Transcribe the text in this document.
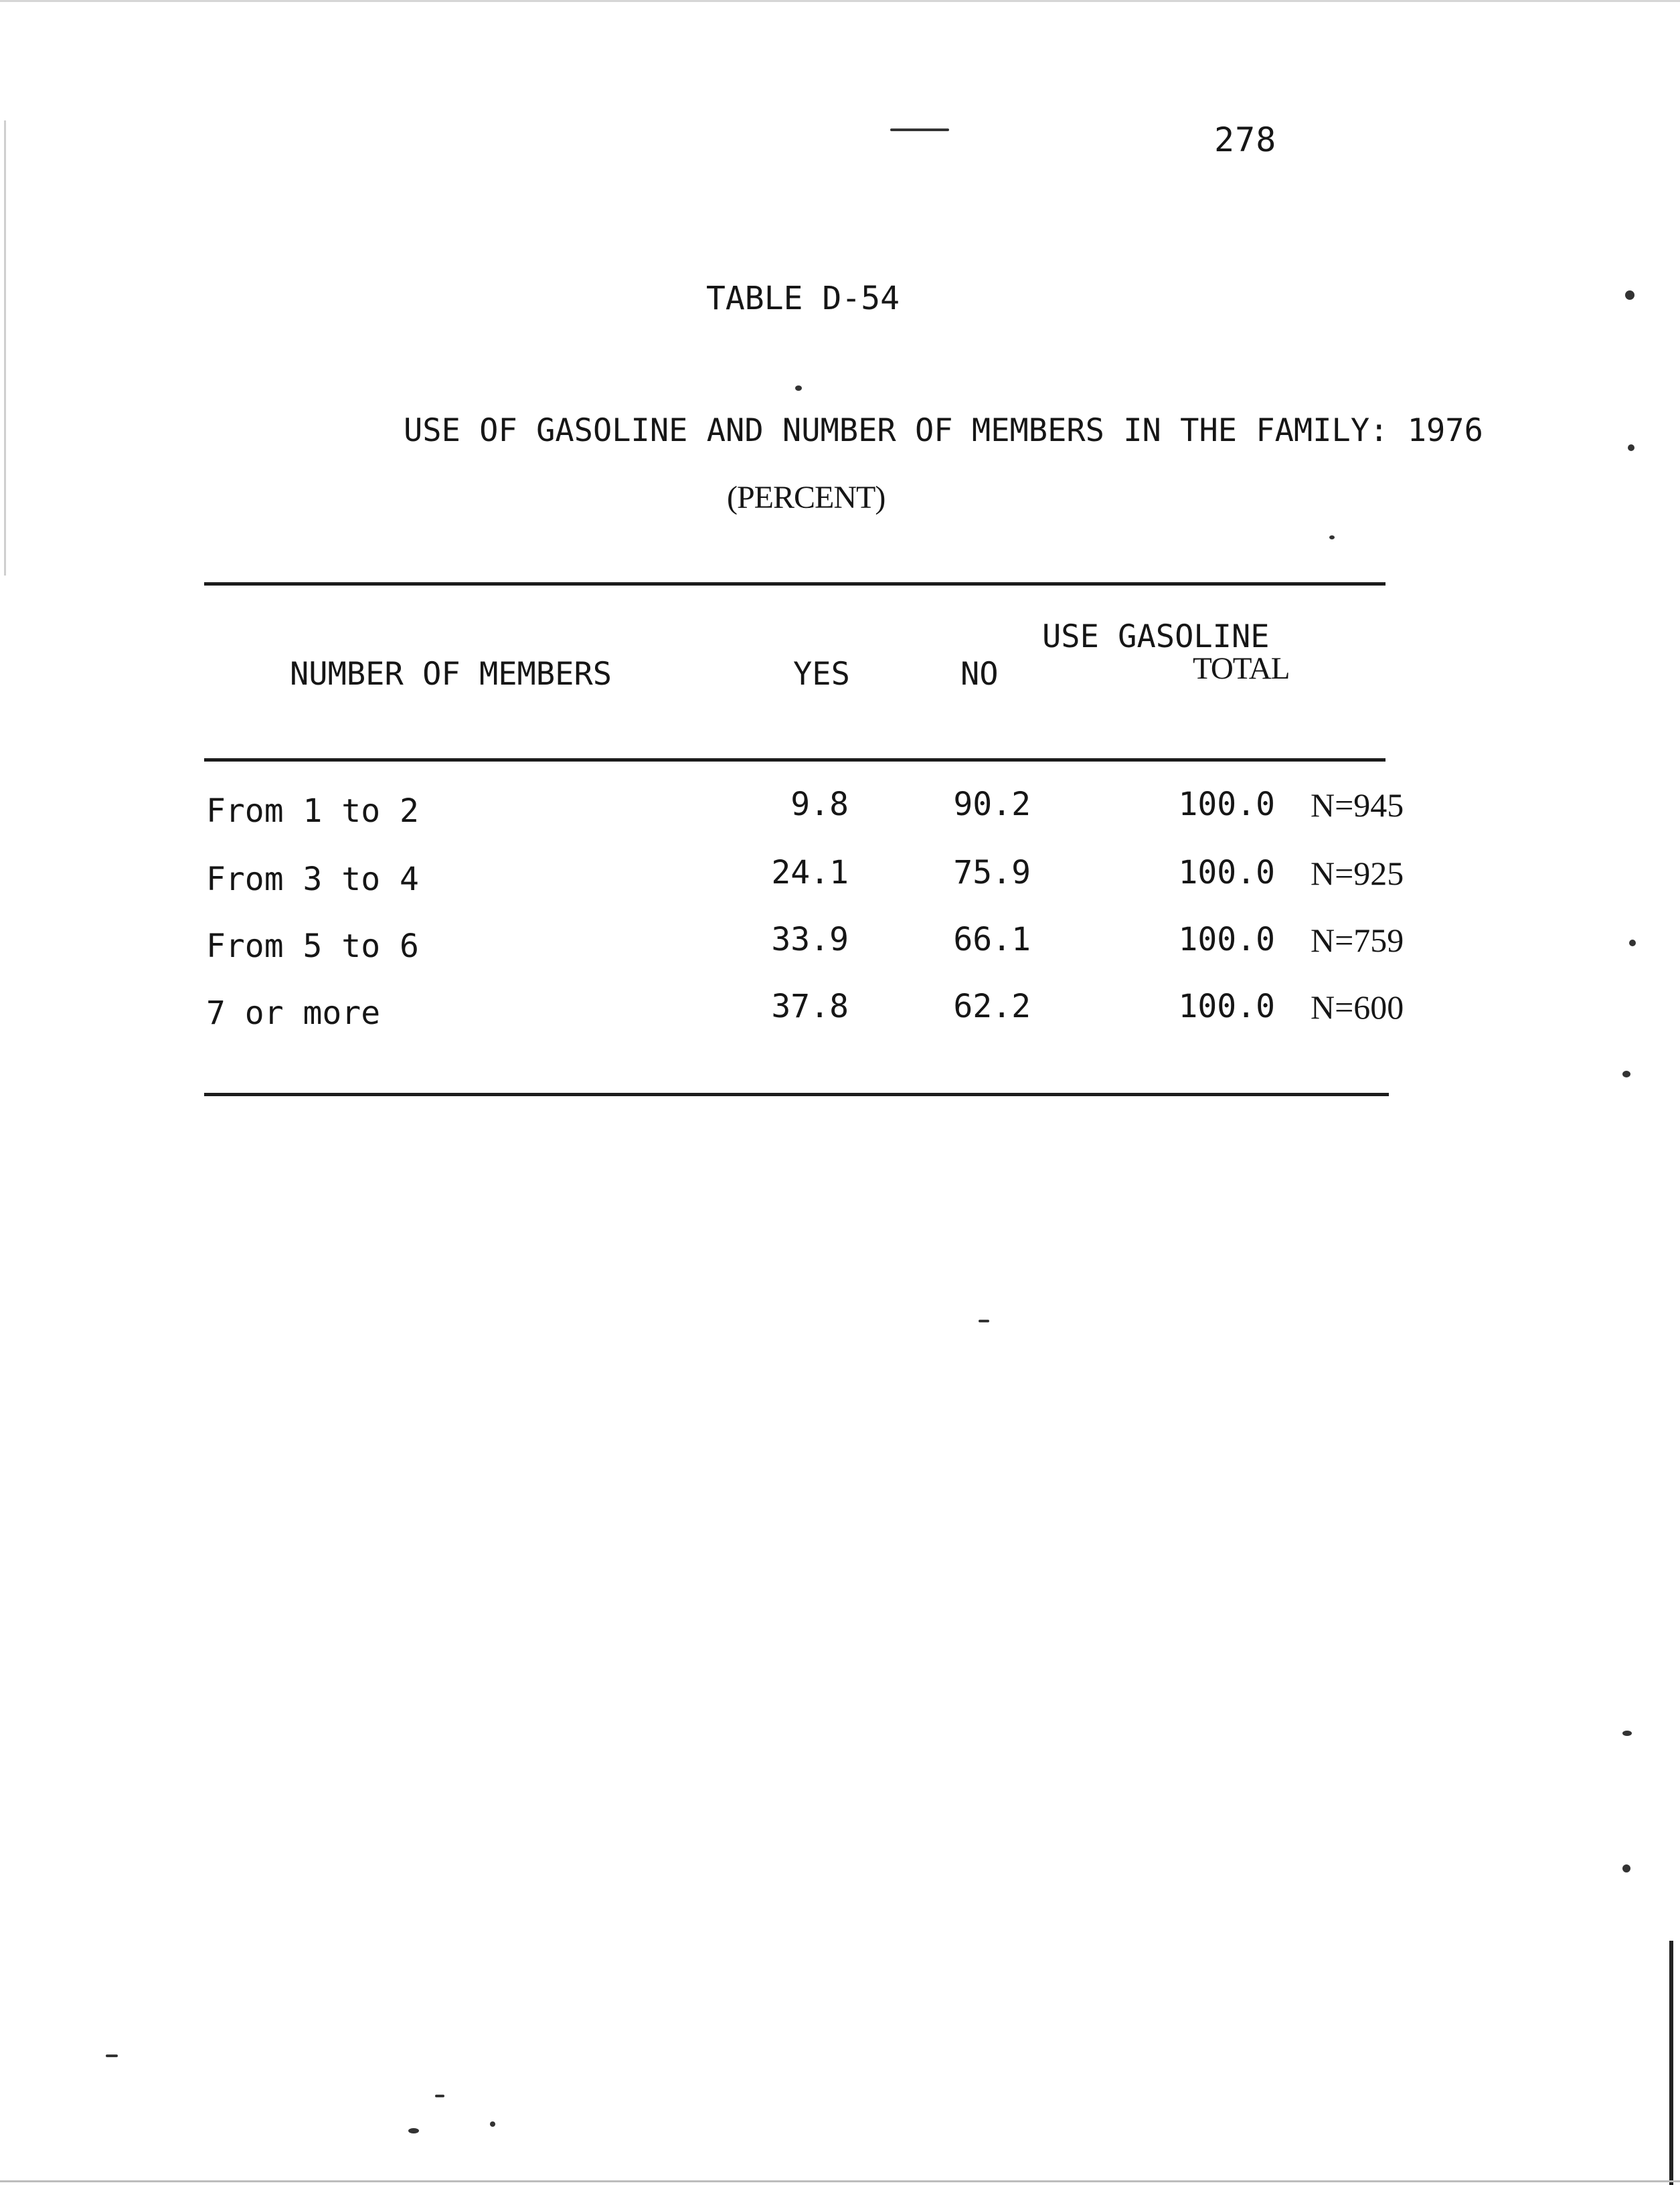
278
TABLE D-54
USE OF GASOLINE AND NUMBER OF MEMBERS IN THE FAMILY: 1976
(PERCENT)
USE GASOLINE
NUMBER OF MEMBERS	YES	NO	TOTAL
From 1 to 2	9.8	90.2	100.0 N=945
From 3 to 4	24.1	75.9	100.0 N=925
From 5 to 6	33.9	66.1	100.0 N=759
7 or more	37.8	62.2	100.0 N=600
